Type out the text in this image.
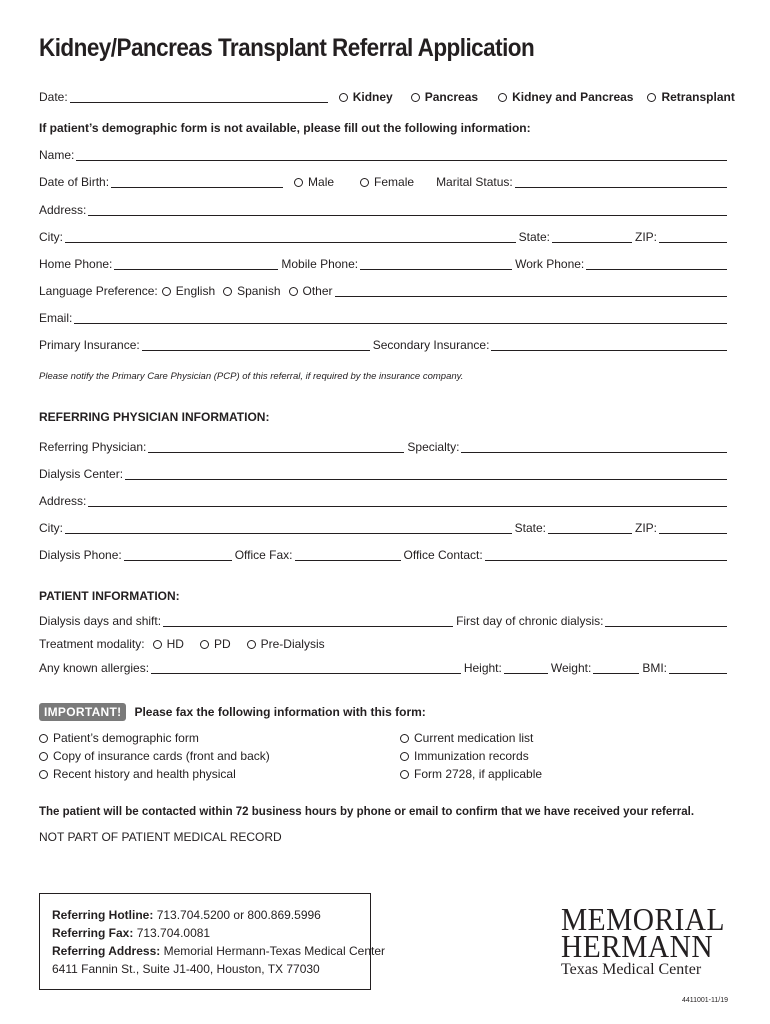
Kidney/Pancreas Transplant Referral Application
Date:	Kidney	Pancreas	Kidney and Pancreas Retransplant
If patient’s demographic form is not available, please fill out the following information:
Name:
Date of Birth:	Male	Female Marital Status:
Address:
City:	State:	ZIP:
Home Phone:	Mobile Phone:	Work Phone:
Language Preference: English Spanish Other
Email:
Primary Insurance:	Secondary Insurance:
Please notify the Primary Care Physician (PCP) of this referral, if required by the insurance company.
REFERRING PHYSICIAN INFORMATION:
Referring Physician:	Specialty:
Dialysis Center:
Address:
City:	State:	ZIP:
Dialysis Phone:	Office Fax:	Office Contact:
PATIENT INFORMATION:
Dialysis days and shift:	First day of chronic dialysis:
Treatment modality: HD	PD	Pre-Dialysis
Any known allergies:	Height:	Weight:	BMI:
IMPORTANT!	Please fax the following information with this form:
Patient’s demographic form
Copy of insurance cards (front and back)
Recent history and health physical
Current medication list
Immunization records
Form 2728, if applicable
The patient will be contacted within 72 business hours by phone or email to confirm that we have received your referral.
NOT PART OF PATIENT MEDICAL RECORD
Referring Hotline: 713.704.5200 or 800.869.5996
Referring Fax: 713.704.0081
Referring Address: Memorial Hermann-Texas Medical Center
6411 Fannin St., Suite J1-400, Houston, TX 77030
MEMORIAL
HERMANN
Texas Medical Center
4411001-11/19
